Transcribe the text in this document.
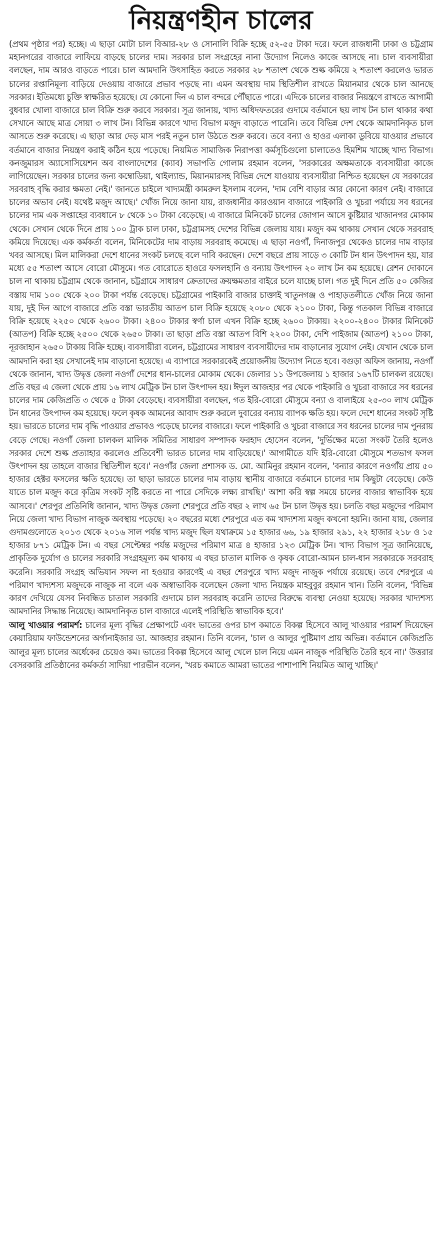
নিয়ন্ত্রণহীন চালের

(প্রথম পৃষ্ঠার পর) হচ্ছে। এ ছাড়া মোটা চাল বিআর-২৮ ও সোনালি বিক্রি হচ্ছে ৫২-৫৫ টাকা দরে। ফলে রাজধানী ঢাকা ও চট্টগ্রাম মহানগরের বাজারে লাফিয়ে বাড়ছে চালের দাম। সরকার চাল সংগ্রহের নানা উদ্যোগ নিলেও কাজে আসছে না। চাল ব্যবসায়ীরা বলছেন, দাম আরও বাড়তে পারে। চাল আমদানি উৎসাহিত করতে সরকার ২৮ শতাংশ থেকে শুল্ক কমিয়ে ২ শতাংশ করলেও ভারত চালের রপ্তানিমূল্য বাড়িয়ে দেওয়ায় বাজারে প্রভাব পড়ছে না। এমন অবস্থায় দাম স্থিতিশীল রাখতে মিয়ানমার থেকে চাল আনছে সরকার। ইতিমধ্যে চুক্তি স্বাক্ষরিত হয়েছে। যে কোনো দিন এ চাল বন্দরে পৌঁছাতে পারে। এদিকে চালের বাজার নিয়ন্ত্রণে রাখতে আগামী বুধবার খোলা বাজারে চাল বিক্রি শুরু করবে সরকার। সূত্র জানায়, খাদ্য অধিদফতরের গুদামে বর্তমানে ছয় লাখ টন চাল থাকার কথা সেখানে আছে মাত্র সোয়া ৩ লাখ টন। বিভিন্ন কারণে খাদ্য বিভাগ মজুদ বাড়াতে পারেনি। তবে বিভিন্ন দেশ থেকে আমদানিকৃত চাল আসতে শুরু করেছে। এ ছাড়া আর দেড় মাস পরই নতুন চাল উঠতে শুরু করবে। তবে বন্যা ও হাওর এলাকা ডুবিয়ে যাওয়ার প্রভাবে বর্তমানে বাজার নিয়ন্ত্রণ করাই কঠিন হয়ে পড়েছে। নিয়মিত সামাজিক নিরাপত্তা কর্মসূচিগুলো চালাতেও হিমশিম খাচ্ছে খাদ্য বিভাগ। কনজুমারস অ্যাসোসিয়েশন অব বাংলাদেশের (ক্যাব) সভাপতি গোলাম রহমান বলেন, 'সরকারের অক্ষমতাকে ব্যবসায়ীরা কাজে লাগিয়েছেন। সরকার চালের জন্য কম্বোডিয়া, থাইল্যান্ড, মিয়ানমারসহ বিভিন্ন দেশে যাওয়ায় ব্যবসায়ীরা নিশ্চিত হয়েছেন যে সরকারের সরবরাহ বৃদ্ধি করার ক্ষমতা নেই।' জানতে চাইলে খাদ্যমন্ত্রী কামরুল ইসলাম বলেন, 'দাম বেশি বাড়ার আর কোনো কারণ নেই। বাজারে চালের অভাব নেই। যথেষ্ট মজুদ আছে।' খোঁজ নিয়ে জানা যায়, রাজধানীর কারওয়ান বাজারে পাইকারি ও খুচরা পর্যায়ে সব ধরনের চালের দাম এক সপ্তাহের ব্যবধানে ৮ থেকে ১০ টাকা বেড়েছে। এ বাজারে মিনিকেট চালের জোগান আসে কুষ্টিয়ার খাজানগর মোকাম থেকে। সেখান থেকে দিনে প্রায় ১০০ ট্রাক চাল ঢাকা, চট্টগ্রামসহ দেশের বিভিন্ন জেলায় যায়। মজুদ কম থাকায় সেখান থেকে সরবরাহ কমিয়ে দিয়েছে। এক কর্মকর্তা বলেন, মিনিকেটের দাম বাড়ায় সরবরাহ কমেছে। এ ছাড়া নওগাঁ, দিনাজপুর থেকেও চালের দাম বাড়ার খবর আসছে। মিল মালিকরা দেশে ধানের সংকট চলছে বলে দাবি করছেন। দেশে বছরে প্রায় সাড়ে ৩ কোটি টন ধান উৎপাদন হয়, যার মধ্যে ৫৫ শতাংশ আসে বোরো মৌসুমে। গত বোরোতে হাওরে ফসলহানি ও বন্যায় উৎপাদন ২০ লাখ টন কম হয়েছে। রেশন দোকানে চাল না থাকায় চট্টগ্রাম থেকে জানান, চট্টগ্রামে সাধারণ ক্রেতাদের ক্রয়ক্ষমতার বাইরে চলে যাচ্ছে চাল। গত দুই দিনে প্রতি ৫০ কেজির বস্তায় দাম ১০০ থেকে ২০০ টাকা পর্যন্ত বেড়েছে। চট্টগ্রামের পাইকারি বাজার চাক্তাই খাতুনগঞ্জ ও পাহাড়তলীতে খোঁজ নিয়ে জানা যায়, দুই দিন আগে বাজারে প্রতি বস্তা ভারতীয় আতপ চাল বিক্রি হয়েছে ২০৮০ থেকে ২১০০ টাকা, কিন্তু গতকাল বিভিন্ন বাজারে বিক্রি হয়েছে ২২৫০ থেকে ২৬০০ টাকা। ২৪০০ টাকার স্বর্ণা চাল এখন বিক্রি হচ্ছে ২৬০০ টাকায়। ২২০০-২৪০০ টাকার মিনিকেট (আতপ) বিক্রি হচ্ছে ২৫০০ থেকে ২৬৫০ টাকা। তা ছাড়া প্রতি বস্তা আতপ বিশি ২২০০ টাকা, দেশি পাইজাম (আতপ) ২১০০ টাকা, নূরজাহান ২৬৫০ টাকায় বিক্রি হচ্ছে। ব্যবসায়ীরা বলেন, চট্টগ্রামের সাধারণ ব্যবসায়ীদের দাম বাড়ানোর সুযোগ নেই। যেখান থেকে চাল আমদানি করা হয় সেখানেই দাম বাড়ানো হয়েছে। এ ব্যাপারে সরকারকেই প্রয়োজনীয় উদ্যোগ নিতে হবে। বগুড়া অফিস জানায়, নওগাঁ থেকে জানান, খাদ্য উদ্বৃত্ত জেলা নওগাঁ দেশের ধান-চালের মোকাম থেকে। জেলার ১১ উপজেলায় ১ হাজার ১৬৭টি চালকল রয়েছে। প্রতি বছর এ জেলা থেকে প্রায় ১৬ লাখ মেট্রিক টন চাল উৎপাদন হয়। ঈদুল আজহার পর থেকে পাইকারি ও খুচরা বাজারে সব ধরনের চালের দাম কেজিপ্রতি ৩ থেকে ৫ টাকা বেড়েছে। ব্যবসায়ীরা বলছেন, গত ইরি-বোরো মৌসুমে বন্যা ও বালাইয়ে ২৫-৩০ লাখ মেট্রিক টন ধানের উৎপাদন কম হয়েছে। ফলে কৃষক আমনের আবাদ শুরু করলে দুবারের বন্যায় ব্যাপক ক্ষতি হয়। ফলে দেশে ধানের সংকট সৃষ্টি হয়। ভারতে চালের দাম বৃদ্ধি পাওয়ার প্রভাবও পড়েছে চালের বাজারে। ফলে পাইকারি ও খুচরা বাজারে সব ধরনের চালের দাম পুনরায় বেড়ে গেছে। নওগাঁ জেলা চালকল মালিক সমিতির সাধারণ সম্পাদক ফরহাদ হোসেন বলেন, 'দুর্ভিক্ষের মতো সংকট তৈরি হলেও সরকার দেশে শুল্ক প্রত্যাহার করলেও প্রতিবেশী ভারত চালের দাম বাড়িয়েছে।' আগামীতে যদি ইরি-বোরো মৌসুমে শতভাগ ফসল উৎপাদন হয় তাহলে বাজার স্থিতিশীল হবে।' নওগাঁর জেলা প্রশাসক ড. মো. আমিনুর রহমান বলেন, 'বন্যার কারণে নওগাঁয় প্রায় ৫০ হাজার হেক্টর ফসলের ক্ষতি হয়েছে। তা ছাড়া ভারতে চালের দাম বাড়ায় স্থানীয় বাজারে বর্তমানে চালের দাম কিছুটা বেড়েছে। কেউ যাতে চাল মজুদ করে কৃত্রিম সংকট সৃষ্টি করতে না পারে সেদিকে লক্ষ্য রাখছি।' আশা করি স্বল্প সময়ে চালের বাজার স্বাভাবিক হয়ে আসবে।' শেরপুর প্রতিনিধি জানান, খাদ্য উদ্বৃত্ত জেলা শেরপুরে প্রতি বছর ২ লাখ ৬৫ টন চাল উদ্বৃত্ত হয়। চলতি বছর মজুদের পরিমাণ নিয়ে জেলা খাদ্য বিভাগ নাজুক অবস্থায় পড়েছে। ২০ বছরের মধ্যে শেরপুরে এত কম খাদ্যশস্য মজুদ কখনো হয়নি। জানা যায়, জেলার গুদামগুলোতে ২০১৩ থেকে ২০১৬ সাল পর্যন্ত খাদ্য মজুদ ছিল যথাক্রমে ১৫ হাজার ৬৬, ১৯ হাজার ২৯১, ২২ হাজার ২১৮ ও ১৫ হাজার ৮৭১ মেট্রিক টন। এ বছর সেপ্টেম্বর পর্যন্ত মজুদের পরিমাণ মাত্র ৪ হাজার ১২৩ মেট্রিক টন। খাদ্য বিভাগ সূত্র জানিয়েছে, প্রাকৃতিক দুর্যোগ ও চালের সরকারি সংগ্রহমূল্য কম থাকায় এ বছর চাতাল মালিক ও কৃষক বোরো-আমন চাল-ধান সরকারকে সরবরাহ করেনি। সরকারি সংগ্রহ অভিযান সফল না হওয়ার কারণেই এ বছর শেরপুরে খাদ্য মজুদ নাজুক পর্যায়ে রয়েছে। তবে শেরপুরে এ পরিমাণ খাদ্যশস্য মজুদকে নাজুক না বলে এক অস্বাভাবিক বলেছেন জেলা খাদ্য নিয়ন্ত্রক মাহবুবুর রহমান খান। তিনি বলেন, 'বিভিন্ন কারণ দেখিয়ে যেসব নিবন্ধিত চাতাল সরকারি গুদামে চাল সরবরাহ করেনি তাদের বিরুদ্ধে ব্যবস্থা নেওয়া হয়েছে। সরকার খাদ্যশস্য আমদানির সিদ্ধান্ত নিয়েছে। আমদানিকৃত চাল বাজারে এলেই পরিস্থিতি স্বাভাবিক হবে।'

আলু খাওয়ার পরামর্শ: চালের মূল্য বৃদ্ধির প্রেক্ষাপটে এবং ভাতের ওপর চাপ কমাতে বিকল্প হিসেবে আলু খাওয়ার পরামর্শ দিয়েছেন কেয়ারিয়াম ফাউন্ডেশনের অর্গানাইজার ডা. আজহার রহমান। তিনি বলেন, 'চাল ও আলুর পুষ্টিমাণ প্রায় অভিন্ন। বর্তমানে কেজিপ্রতি আলুর মূল্য চালের অর্ধেকের চেয়েও কম। ভাতের বিকল্প হিসেবে আলু খেলে চাল নিয়ে এমন নাজুক পরিস্থিতি তৈরি হবে না।' উত্তরার বেসরকারি প্রতিষ্ঠানের কর্মকর্তা সাদিয়া পারভীন বলেন, 'খরচ কমাতে আমরা ভাতের পাশাপাশি নিয়মিত আলু খাচ্ছি।'
